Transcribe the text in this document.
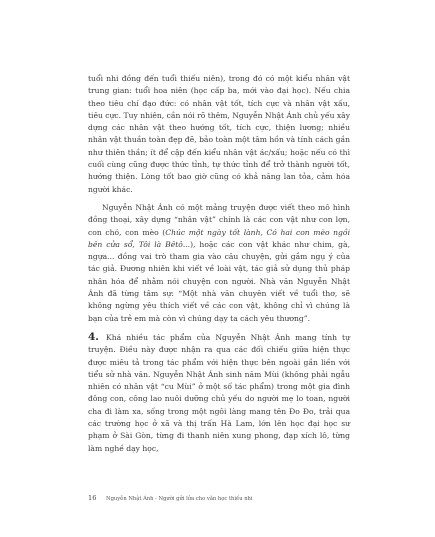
tuổi nhi đồng đến tuổi thiếu niên), trong đó có một kiểu nhân vật trung gian: tuổi hoa niên (học cấp ba, mới vào đại học). Nếu chia theo tiêu chí đạo đức: có nhân vật tốt, tích cực và nhân vật xấu, tiêu cực. Tuy nhiên, cần nói rõ thêm, Nguyễn Nhật Ánh chủ yếu xây dựng các nhân vật theo hướng tốt, tích cực, thiện lương; nhiều nhân vật thuần toàn đẹp đẽ, bảo toàn một tâm hồn và tính cách gần như thiên thần; ít để cập đến kiểu nhân vật ác/xấu; hoặc nếu có thì cuối cùng cũng được thức tỉnh, tự thức tỉnh để trở thành người tốt, hướng thiện. Lòng tốt bao giờ cũng có khả năng lan tỏa, cảm hóa người khác.

Nguyễn Nhật Ánh có một mảng truyện được viết theo mô hình đồng thoại, xây dựng “nhân vật” chính là các con vật như con lợn, con chó, con mèo (Chúc một ngày tốt lành, Có hai con mèo ngồi bên cửa sổ, Tôi là Bêtô...), hoặc các con vật khác như chim, gà, ngựa... đồng vai trò tham gia vào câu chuyện, gửi gắm ngụ ý của tác giả. Đương nhiên khi viết về loài vật, tác giả sử dụng thủ pháp nhân hóa để nhằm nói chuyện con người. Nhà văn Nguyễn Nhật Ánh đã từng tâm sự: “Một nhà văn chuyên viết về tuổi thơ, sẽ không ngừng yêu thích viết về các con vật, không chỉ vì chúng là bạn của trẻ em mà còn vì chúng dạy ta cách yêu thương”.

4. Khá nhiều tác phẩm của Nguyễn Nhật Ánh mang tính tự truyện. Điều này được nhận ra qua các đối chiếu giữa hiện thực được miêu tả trong tác phẩm với hiện thực bên ngoài gần liền với tiểu sử nhà văn. Nguyễn Nhật Ánh sinh năm Mùi (không phải ngẫu nhiên có nhân vật “cu Mùi” ở một số tác phẩm) trong một gia đình đông con, công lao nuôi dưỡng chủ yếu do người mẹ lo toan, người cha đi làm xa, sống trong một ngôi làng mang tên Đo Đo, trải qua các trường học ở xã và thị trấn Hà Lam, lớn lên học đại học sư phạm ở Sài Gòn, từng đi thanh niên xung phong, đạp xích lô, từng làm nghề dạy học,

16 Nguyễn Nhật Ánh - Người gửi lửa cho văn học thiếu nhi
